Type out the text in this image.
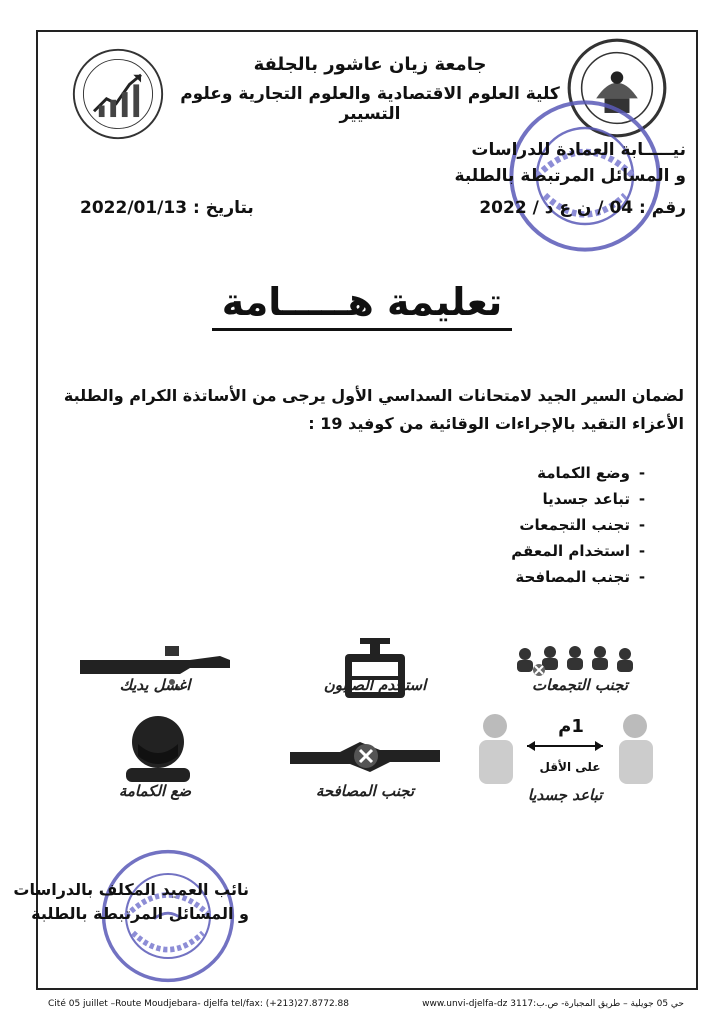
جامعة زيان عاشور بالجلفة
كلية العلوم الاقتصادية والعلوم التجارية وعلوم التسيير
نيـــــابة العمادة للدراسات
و المسائل المرتبطة بالطلبة
رقم : 04 / ن ع د / 2022
بتاريخ : 2022/01/13
تعليمة هـــــامة
لضمان السير الجيد لامتحانات السداسي الأول يرجى من الأساتذة الكرام والطلبة الأعزاء التقيد بالإجراءات الوقائية من كوفيد 19 :
-وضع الكمامة
-تباعد جسديا
-تجنب التجمعات
-استخدام المعقم
-تجنب المصافحة
اغسل يديك	استخدم الصابون	تجنب التجمعات
ضع الكمامة	تجنب المصافحة
1م
على الأقل
تباعد جسديا
نائب العميد المكلف بالدراسات
و المسائل المرتبطة بالطلبة
Cité 05 juillet –Route Moudjebara- djelfa tel/fax: (+213)27.8772.88	حي 05 جويلية – طريق المجبارة- ص.ب:3117 www.unvi-djelfa-dz
